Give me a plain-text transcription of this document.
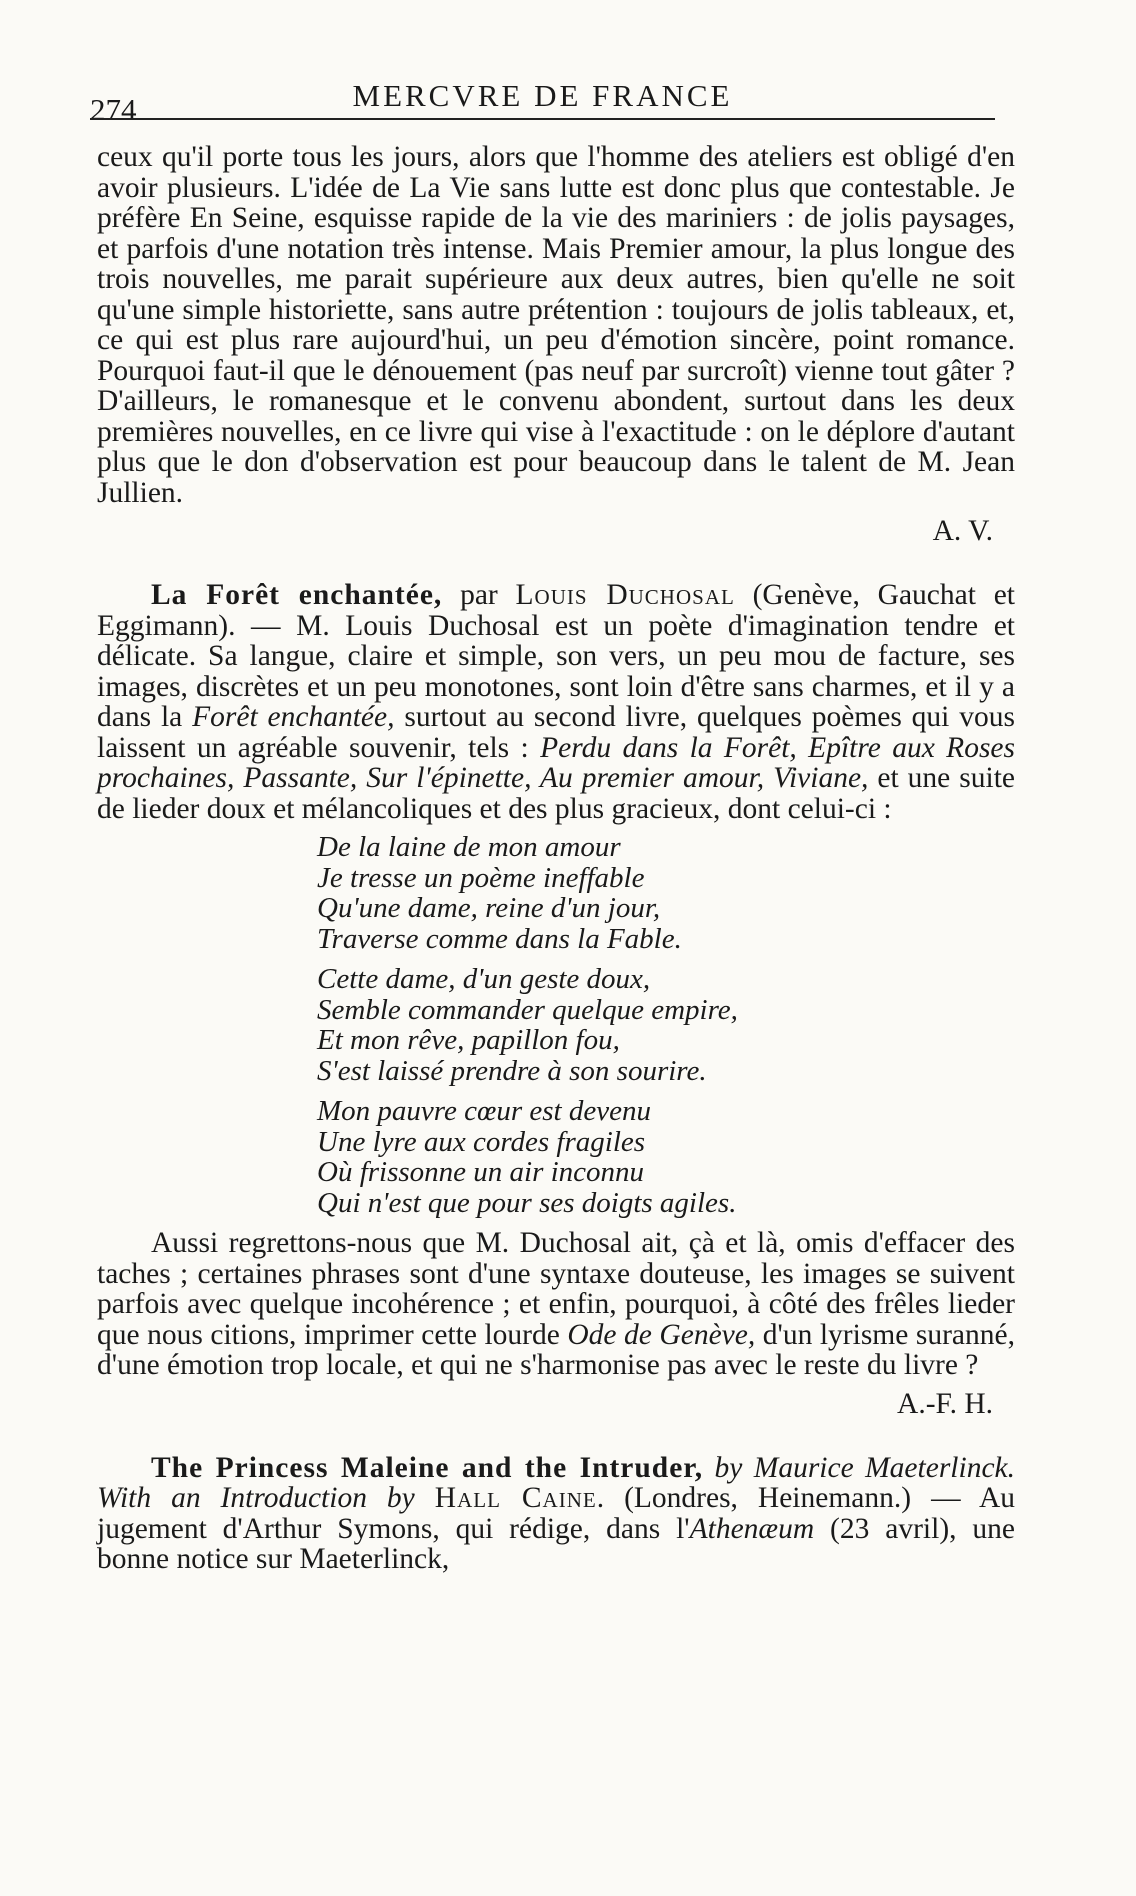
274	MERCVRE DE FRANCE

ceux qu'il porte tous les jours, alors que l'homme des ateliers est obligé d'en avoir plusieurs. L'idée de La Vie sans lutte est donc plus que contestable. Je préfère En Seine, esquisse rapide de la vie des mariniers : de jolis paysages, et parfois d'une notation très intense. Mais Premier amour, la plus longue des trois nouvelles, me parait supérieure aux deux autres, bien qu'elle ne soit qu'une simple historiette, sans autre prétention : toujours de jolis tableaux, et, ce qui est plus rare aujourd'hui, un peu d'émotion sincère, point romance. Pourquoi faut-il que le dénouement (pas neuf par surcroît) vienne tout gâter ? D'ailleurs, le romanesque et le convenu abondent, surtout dans les deux premières nouvelles, en ce livre qui vise à l'exactitude : on le déplore d'autant plus que le don d'observation est pour beaucoup dans le talent de M. Jean Jullien.

A. V.

La Forêt enchantée, par Louis Duchosal (Genève, Gauchat et Eggimann). — M. Louis Duchosal est un poète d'imagination tendre et délicate. Sa langue, claire et simple, son vers, un peu mou de facture, ses images, discrètes et un peu monotones, sont loin d'être sans charmes, et il y a dans la Forêt enchantée, surtout au second livre, quelques poèmes qui vous laissent un agréable souvenir, tels : Perdu dans la Forêt, Epître aux Roses prochaines, Passante, Sur l'épinette, Au premier amour, Viviane, et une suite de lieder doux et mélancoliques et des plus gracieux, dont celui-ci :

De la laine de mon amour
Je tresse un poème ineffable
Qu'une dame, reine d'un jour,
Traverse comme dans la Fable.
Cette dame, d'un geste doux,
Semble commander quelque empire,
Et mon rêve, papillon fou,
S'est laissé prendre à son sourire.
Mon pauvre cœur est devenu
Une lyre aux cordes fragiles
Où frissonne un air inconnu
Qui n'est que pour ses doigts agiles.

Aussi regrettons-nous que M. Duchosal ait, çà et là, omis d'effacer des taches ; certaines phrases sont d'une syntaxe douteuse, les images se suivent parfois avec quelque incohérence ; et enfin, pourquoi, à côté des frêles lieder que nous citions, imprimer cette lourde Ode de Genève, d'un lyrisme suranné, d'une émotion trop locale, et qui ne s'harmonise pas avec le reste du livre ?

A.-F. H.

The Princess Maleine and the Intruder, by Maurice Maeterlinck. With an Introduction by Hall Caine. (Londres, Heinemann.) — Au jugement d'Arthur Symons, qui rédige, dans l'Athenæum (23 avril), une bonne notice sur Maeterlinck,
